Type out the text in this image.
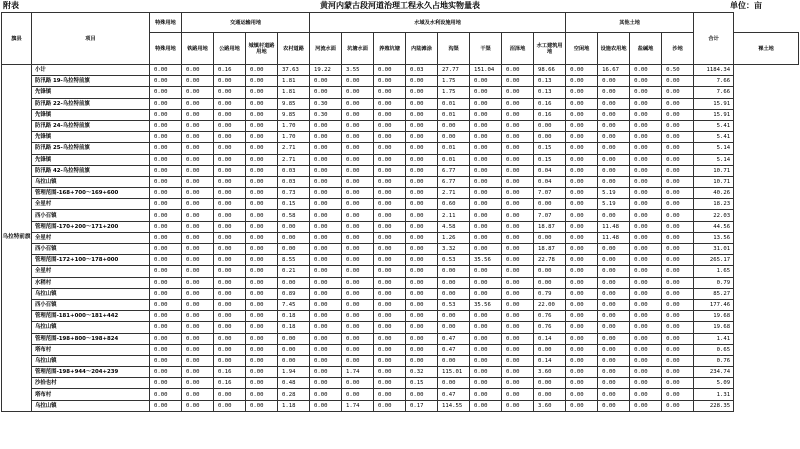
附表	黄河内蒙古段河道治理工程永久占地实物量表	单位：亩
旗县	项目	特殊用地	交通运输用地				水域及水利设施用地								其他土地				合计	
		特殊用地	铁路用地	公路用地	城镇村道路用地	农村道路	河流水面	坑塘水面	养殖坑塘	内陆滩涂	沟渠	干渠	沼泽地	水工建筑用地	空闲地	设施农用地	盐碱地	沙地		裸土地
乌拉特前旗	小计	0.00	0.00	0.16	0.00	37.63	19.22	3.55	0.00	0.03	27.77	151.04	0.00	98.66	0.00	16.67	0.00	0.50	1184.34	
	防汛路 19-乌拉特前旗	0.00	0.00	0.00	0.00	1.81	0.00	0.00	0.00	0.00	1.75	0.00	0.00	0.13	0.00	0.00	0.00	0.00	7.66	
	先锋镇	0.00	0.00	0.00	0.00	1.81	0.00	0.00	0.00	0.00	1.75	0.00	0.00	0.13	0.00	0.00	0.00	0.00	7.66	
	防汛路 22-乌拉特前旗	0.00	0.00	0.00	0.00	9.85	0.30	0.00	0.00	0.00	0.01	0.00	0.00	0.16	0.00	0.00	0.00	0.00	15.91	
	先锋镇	0.00	0.00	0.00	0.00	9.85	0.30	0.00	0.00	0.00	0.01	0.00	0.00	0.16	0.00	0.00	0.00	0.00	15.91	
	防汛路 24-乌拉特前旗	0.00	0.00	0.00	0.00	1.70	0.00	0.00	0.00	0.00	0.00	0.00	0.00	0.00	0.00	0.00	0.00	0.00	5.41	
	先锋镇	0.00	0.00	0.00	0.00	1.70	0.00	0.00	0.00	0.00	0.00	0.00	0.00	0.00	0.00	0.00	0.00	0.00	5.41	
	防汛路 25-乌拉特前旗	0.00	0.00	0.00	0.00	2.71	0.00	0.00	0.00	0.00	0.01	0.00	0.00	0.15	0.00	0.00	0.00	0.00	5.14	
	先锋镇	0.00	0.00	0.00	0.00	2.71	0.00	0.00	0.00	0.00	0.01	0.00	0.00	0.15	0.00	0.00	0.00	0.00	5.14	
	防汛路 42-乌拉特前旗	0.00	0.00	0.00	0.00	0.03	0.00	0.00	0.00	0.00	6.77	0.00	0.00	0.04	0.00	0.00	0.00	0.00	10.71	
	乌拉山镇	0.00	0.00	0.00	0.00	0.03	0.00	0.00	0.00	0.00	6.77	0.00	0.00	0.04	0.00	0.00	0.00	0.00	10.71	
	管理范围-168+700～169+600	0.00	0.00	0.00	0.00	0.73	0.00	0.00	0.00	0.00	2.71	0.00	0.00	7.07	0.00	5.19	0.00	0.00	40.26	
	全星村	0.00	0.00	0.00	0.00	0.15	0.00	0.00	0.00	0.00	0.60	0.00	0.00	0.00	0.00	5.19	0.00	0.00	18.23	
	西小召镇	0.00	0.00	0.00	0.00	0.58	0.00	0.00	0.00	0.00	2.11	0.00	0.00	7.07	0.00	0.00	0.00	0.00	22.03	
	管理范围-170+200～171+200	0.00	0.00	0.00	0.00	0.00	0.00	0.00	0.00	0.00	4.58	0.00	0.00	18.87	0.00	11.48	0.00	0.00	44.56	
	全星村	0.00	0.00	0.00	0.00	0.00	0.00	0.00	0.00	0.00	1.26	0.00	0.00	0.00	0.00	11.48	0.00	0.00	13.56	
	西小召镇	0.00	0.00	0.00	0.00	0.00	0.00	0.00	0.00	0.00	3.32	0.00	0.00	18.87	0.00	0.00	0.00	0.00	31.01	
	管理范围-172+100～178+000	0.00	0.00	0.00	0.00	8.55	0.00	0.00	0.00	0.00	0.53	35.56	0.00	22.78	0.00	0.00	0.00	0.00	265.17	
	全星村	0.00	0.00	0.00	0.00	0.21	0.00	0.00	0.00	0.00	0.00	0.00	0.00	0.00	0.00	0.00	0.00	0.00	1.65	
	水稍村	0.00	0.00	0.00	0.00	0.00	0.00	0.00	0.00	0.00	0.00	0.00	0.00	0.00	0.00	0.00	0.00	0.00	0.79	
	乌拉山镇	0.00	0.00	0.00	0.00	0.89	0.00	0.00	0.00	0.00	0.00	0.00	0.00	0.79	0.00	0.00	0.00	0.00	85.27	
	西小召镇	0.00	0.00	0.00	0.00	7.45	0.00	0.00	0.00	0.00	0.53	35.56	0.00	22.00	0.00	0.00	0.00	0.00	177.46	
	管理范围-181+000～181+442	0.00	0.00	0.00	0.00	0.18	0.00	0.00	0.00	0.00	0.00	0.00	0.00	0.76	0.00	0.00	0.00	0.00	19.68	
	乌拉山镇	0.00	0.00	0.00	0.00	0.18	0.00	0.00	0.00	0.00	0.00	0.00	0.00	0.76	0.00	0.00	0.00	0.00	19.68	
	管理范围-198+800～198+824	0.00	0.00	0.00	0.00	0.00	0.00	0.00	0.00	0.00	0.47	0.00	0.00	0.14	0.00	0.00	0.00	0.00	1.41	
	塔布村	0.00	0.00	0.00	0.00	0.00	0.00	0.00	0.00	0.00	0.47	0.00	0.00	0.00	0.00	0.00	0.00	0.00	0.65	
	乌拉山镇	0.00	0.00	0.00	0.00	0.00	0.00	0.00	0.00	0.00	0.00	0.00	0.00	0.14	0.00	0.00	0.00	0.00	0.76	
	管理范围-198+944～204+239	0.00	0.00	0.16	0.00	1.94	0.00	1.74	0.00	0.32	115.01	0.00	0.00	3.60	0.00	0.00	0.00	0.00	234.74	
	沙拾也村	0.00	0.00	0.16	0.00	0.48	0.00	0.00	0.00	0.15	0.00	0.00	0.00	0.00	0.00	0.00	0.00	0.00	5.09	
	塔布村	0.00	0.00	0.00	0.00	0.28	0.00	0.00	0.00	0.00	0.47	0.00	0.00	0.00	0.00	0.00	0.00	0.00	1.31	
	乌拉山镇	0.00	0.00	0.00	0.00	1.18	0.00	1.74	0.00	0.17	114.55	0.00	0.00	3.60	0.00	0.00	0.00	0.00	228.35	
